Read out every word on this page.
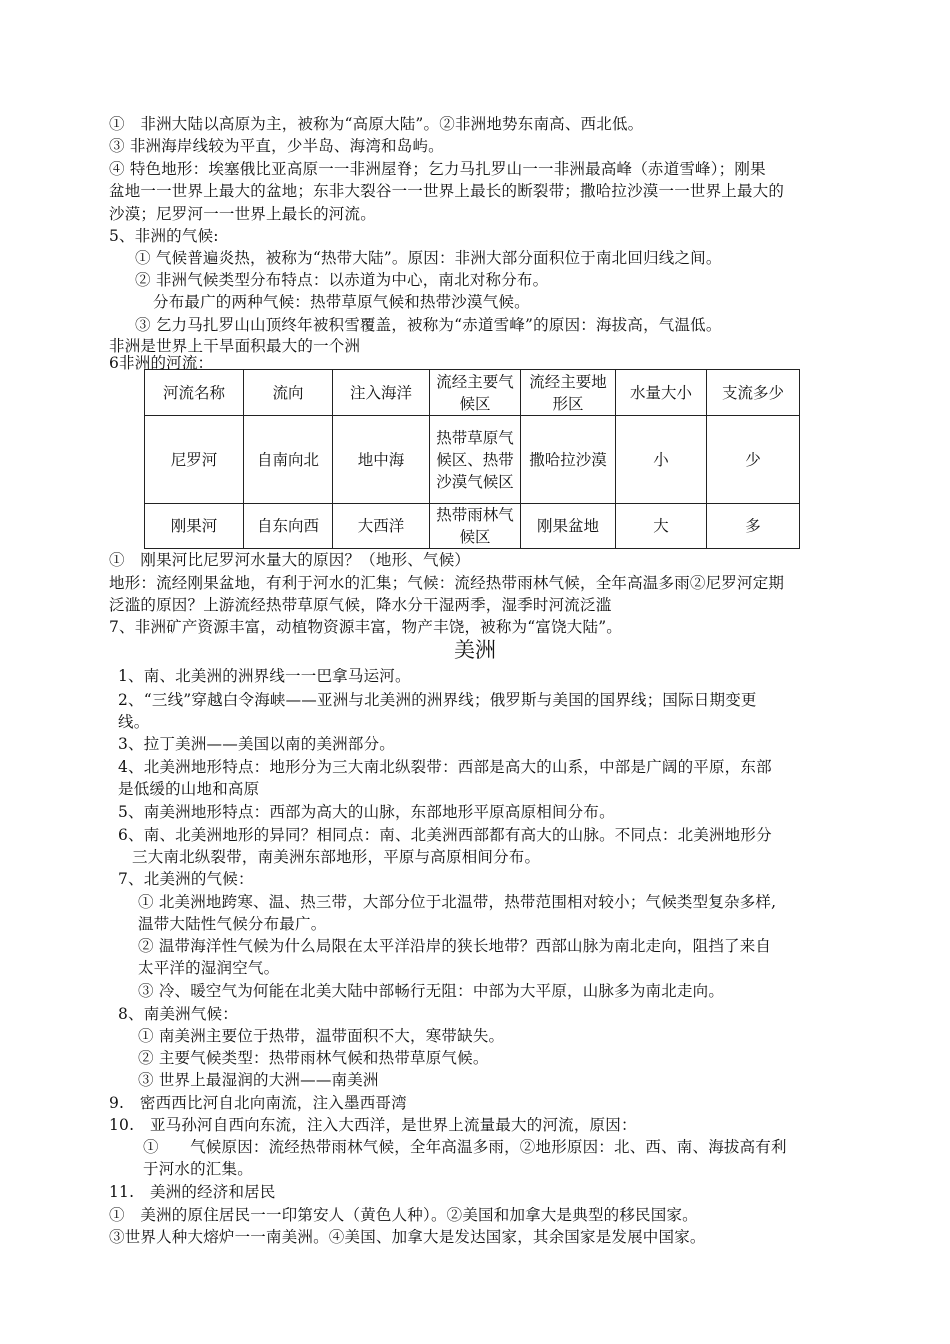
①　非洲大陆以高原为主，被称为“高原大陆”。②非洲地势东南高、西北低。
③ 非洲海岸线较为平直，少半岛、海湾和岛屿。
④ 特色地形：埃塞俄比亚高原一一非洲屋脊；乞力马扎罗山一一非洲最高峰（赤道雪峰）；刚果
盆地一一世界上最大的盆地；东非大裂谷一一世界上最长的断裂带；撒哈拉沙漠一一世界上最大的
沙漠；尼罗河一一世界上最长的河流。
5、非洲的气候:
① 气候普遍炎热，被称为“热带大陆”。原因：非洲大部分面积位于南北回归线之间。
② 非洲气候类型分布特点：以赤道为中心，南北对称分布。
分布最广的两种气候：热带草原气候和热带沙漠气候。
③ 乞力马扎罗山山顶终年被积雪覆盖，被称为“赤道雪峰”的原因：海拔高，气温低。
非洲是世界上干旱面积最大的一个洲
6非洲的河流：
河流名称	流向	注入海洋	流经主要气候区	流经主要地形区	水量大小	支流多少
尼罗河	自南向北	地中海	热带草原气候区、热带沙漠气候区	撒哈拉沙漠	小	少
刚果河	自东向西	大西洋	热带雨林气候区	刚果盆地	大	多
①　刚果河比尼罗河水量大的原因？（地形、气候）
地形：流经刚果盆地，有利于河水的汇集；气候：流经热带雨林气候，全年高温多雨②尼罗河定期
泛滥的原因？上游流经热带草原气候，降水分干湿两季，湿季时河流泛滥
7、非洲矿产资源丰富，动植物资源丰富，物产丰饶，被称为“富饶大陆”。
美洲
1、南、北美洲的洲界线一一巴拿马运河。
2、“三线”穿越白令海峡——亚洲与北美洲的洲界线；俄罗斯与美国的国界线；国际日期变更
线。
3、拉丁美洲——美国以南的美洲部分。
4、北美洲地形特点：地形分为三大南北纵裂带：西部是高大的山系，中部是广阔的平原，东部
是低缓的山地和高原
5、南美洲地形特点：西部为高大的山脉，东部地形平原高原相间分布。
6、南、北美洲地形的异同？相同点：南、北美洲西部都有高大的山脉。不同点：北美洲地形分
三大南北纵裂带，南美洲东部地形，平原与高原相间分布。
7、北美洲的气候：
① 北美洲地跨寒、温、热三带，大部分位于北温带，热带范围相对较小；气候类型复杂多样,
温带大陆性气候分布最广。
② 温带海洋性气候为什么局限在太平洋沿岸的狭长地带？西部山脉为南北走向，阻挡了来自
太平洋的湿润空气。
③ 冷、暖空气为何能在北美大陆中部畅行无阻：中部为大平原，山脉多为南北走向。
8、南美洲气候：
① 南美洲主要位于热带，温带面积不大，寒带缺失。
② 主要气候类型：热带雨林气候和热带草原气候。
③ 世界上最湿润的大洲——南美洲
9.　密西西比河自北向南流，注入墨西哥湾
10.　亚马孙河自西向东流，注入大西洋，是世界上流量最大的河流，原因：
①　　气候原因：流经热带雨林气候，全年高温多雨，②地形原因：北、西、南、海拔高有利
于河水的汇集。
11.　美洲的经济和居民
①　美洲的原住居民一一印第安人（黄色人种）。②美国和加拿大是典型的移民国家。
③世界人种大熔炉一一南美洲。④美国、加拿大是发达国家，其余国家是发展中国家。
